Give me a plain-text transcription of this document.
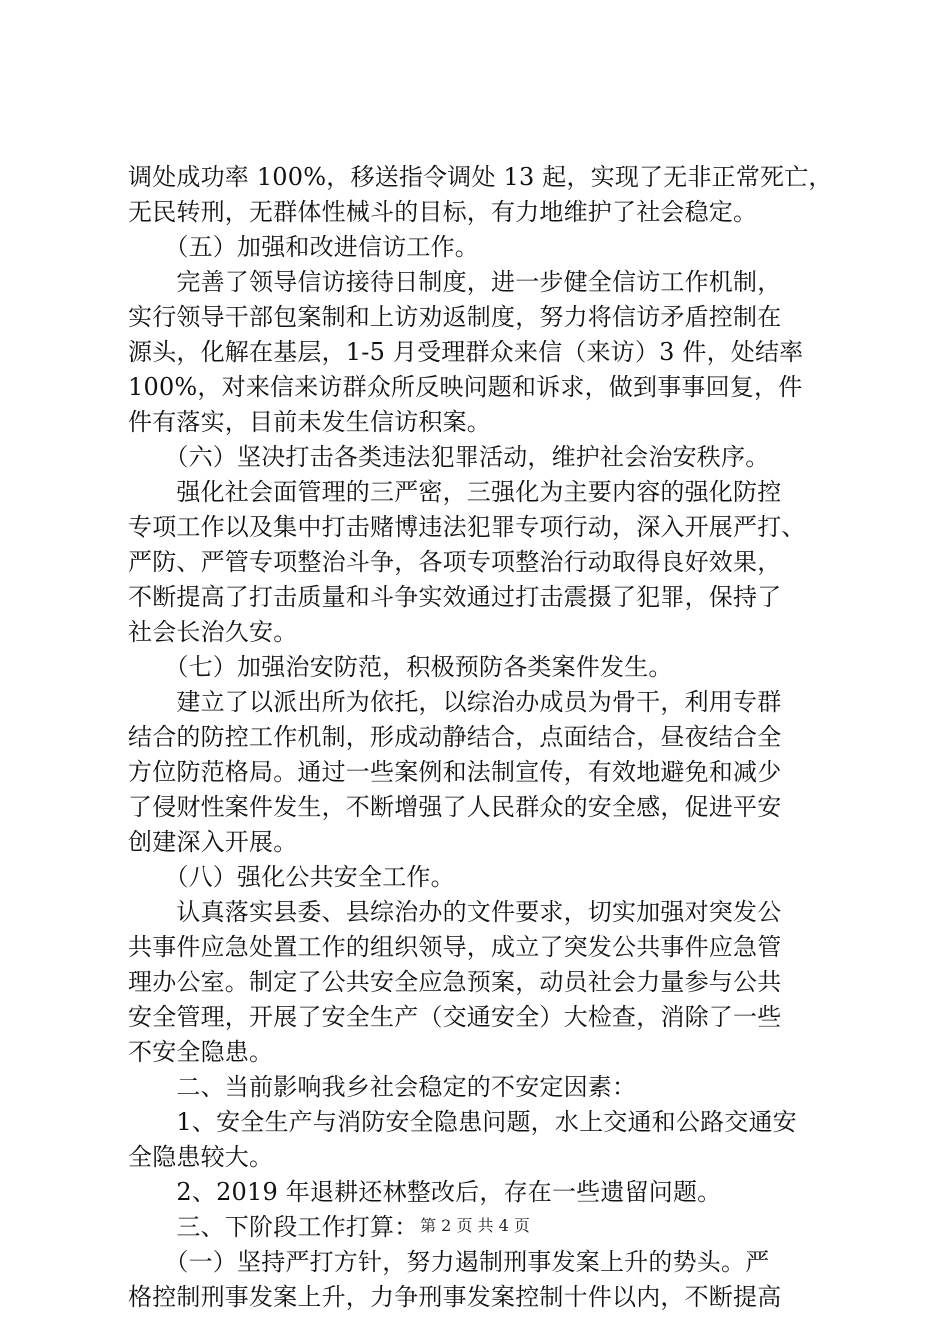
调处成功率 100%，移送指令调处 13 起，实现了无非正常死亡，
无民转刑，无群体性械斗的目标，有力地维护了社会稳定。
　　（五）加强和改进信访工作。
　　完善了领导信访接待日制度，进一步健全信访工作机制，
实行领导干部包案制和上访劝返制度，努力将信访矛盾控制在
源头，化解在基层，1-5 月受理群众来信（来访）3 件，处结率
100%，对来信来访群众所反映问题和诉求，做到事事回复，件
件有落实，目前未发生信访积案。
　　（六）坚决打击各类违法犯罪活动，维护社会治安秩序。
　　强化社会面管理的三严密，三强化为主要内容的强化防控
专项工作以及集中打击赌博违法犯罪专项行动，深入开展严打、
严防、严管专项整治斗争，各项专项整治行动取得良好效果，
不断提高了打击质量和斗争实效通过打击震摄了犯罪，保持了
社会长治久安。
　　（七）加强治安防范，积极预防各类案件发生。
　　建立了以派出所为依托，以综治办成员为骨干，利用专群
结合的防控工作机制，形成动静结合，点面结合，昼夜结合全
方位防范格局。通过一些案例和法制宣传，有效地避免和减少
了侵财性案件发生，不断增强了人民群众的安全感，促进平安
创建深入开展。
　　（八）强化公共安全工作。
　　认真落实县委、县综治办的文件要求，切实加强对突发公
共事件应急处置工作的组织领导，成立了突发公共事件应急管
理办公室。制定了公共安全应急预案，动员社会力量参与公共
安全管理，开展了安全生产（交通安全）大检查，消除了一些
不安全隐患。
　　二、当前影响我乡社会稳定的不安定因素：
　　1、安全生产与消防安全隐患问题，水上交通和公路交通安
全隐患较大。
　　2、2019 年退耕还林整改后，存在一些遗留问题。
　　三、下阶段工作打算：
　　（一）坚持严打方针，努力遏制刑事发案上升的势头。严
格控制刑事发案上升，力争刑事发案控制十件以内，不断提高
第 2 页 共 4 页
